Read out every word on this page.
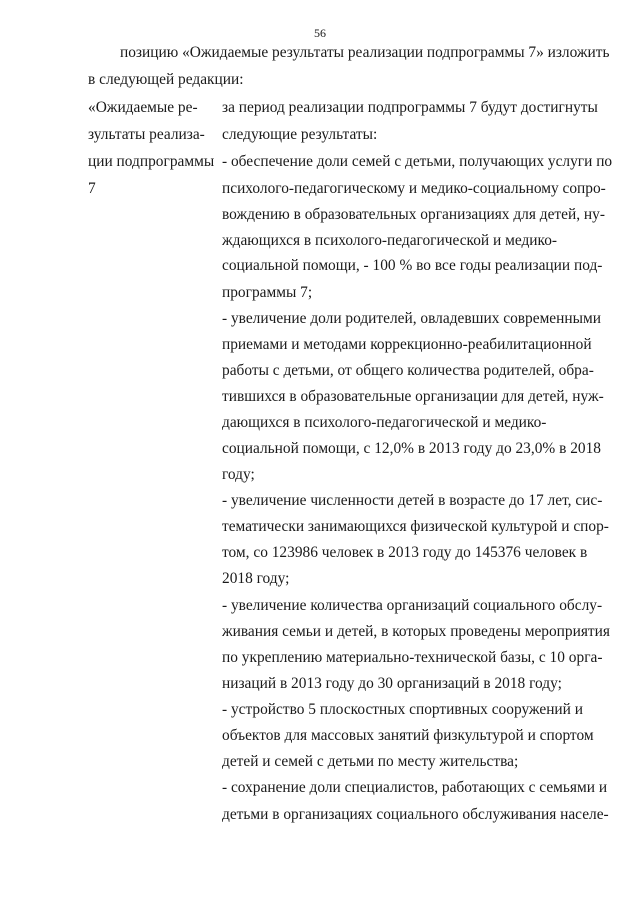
56
позицию «Ожидаемые результаты реализации подпрограммы 7» изложить
в следующей редакции:
«Ожидаемые ре-
зультаты реализа-
ции подпрограммы
7
за период реализации подпрограммы 7 будут достигнуты
следующие результаты:
- обеспечение доли семей с детьми, получающих услуги по
психолого-педагогическому и медико-социальному сопро-
вождению в образовательных организациях для детей, ну-
ждающихся в психолого-педагогической и медико-
социальной помощи, - 100 % во все годы реализации под-
программы 7;
- увеличение доли родителей, овладевших современными
приемами и методами коррекционно-реабилитационной
работы с детьми, от общего количества родителей, обра-
тившихся в образовательные организации для детей, нуж-
дающихся в психолого-педагогической и медико-
социальной помощи, с 12,0% в 2013 году до 23,0% в 2018
году;
- увеличение численности детей в возрасте до 17 лет, сис-
тематически занимающихся физической культурой и спор-
том, со 123986 человек в 2013 году до 145376 человек в
2018 году;
- увеличение количества организаций социального обслу-
живания семьи и детей, в которых проведены мероприятия
по укреплению материально-технической базы, с 10 орга-
низаций в 2013 году до 30 организаций в 2018 году;
- устройство 5 плоскостных спортивных сооружений и
объектов для массовых занятий физкультурой и спортом
детей и семей с детьми по месту жительства;
- сохранение доли специалистов, работающих с семьями и
детьми в организациях социального обслуживания населе-
